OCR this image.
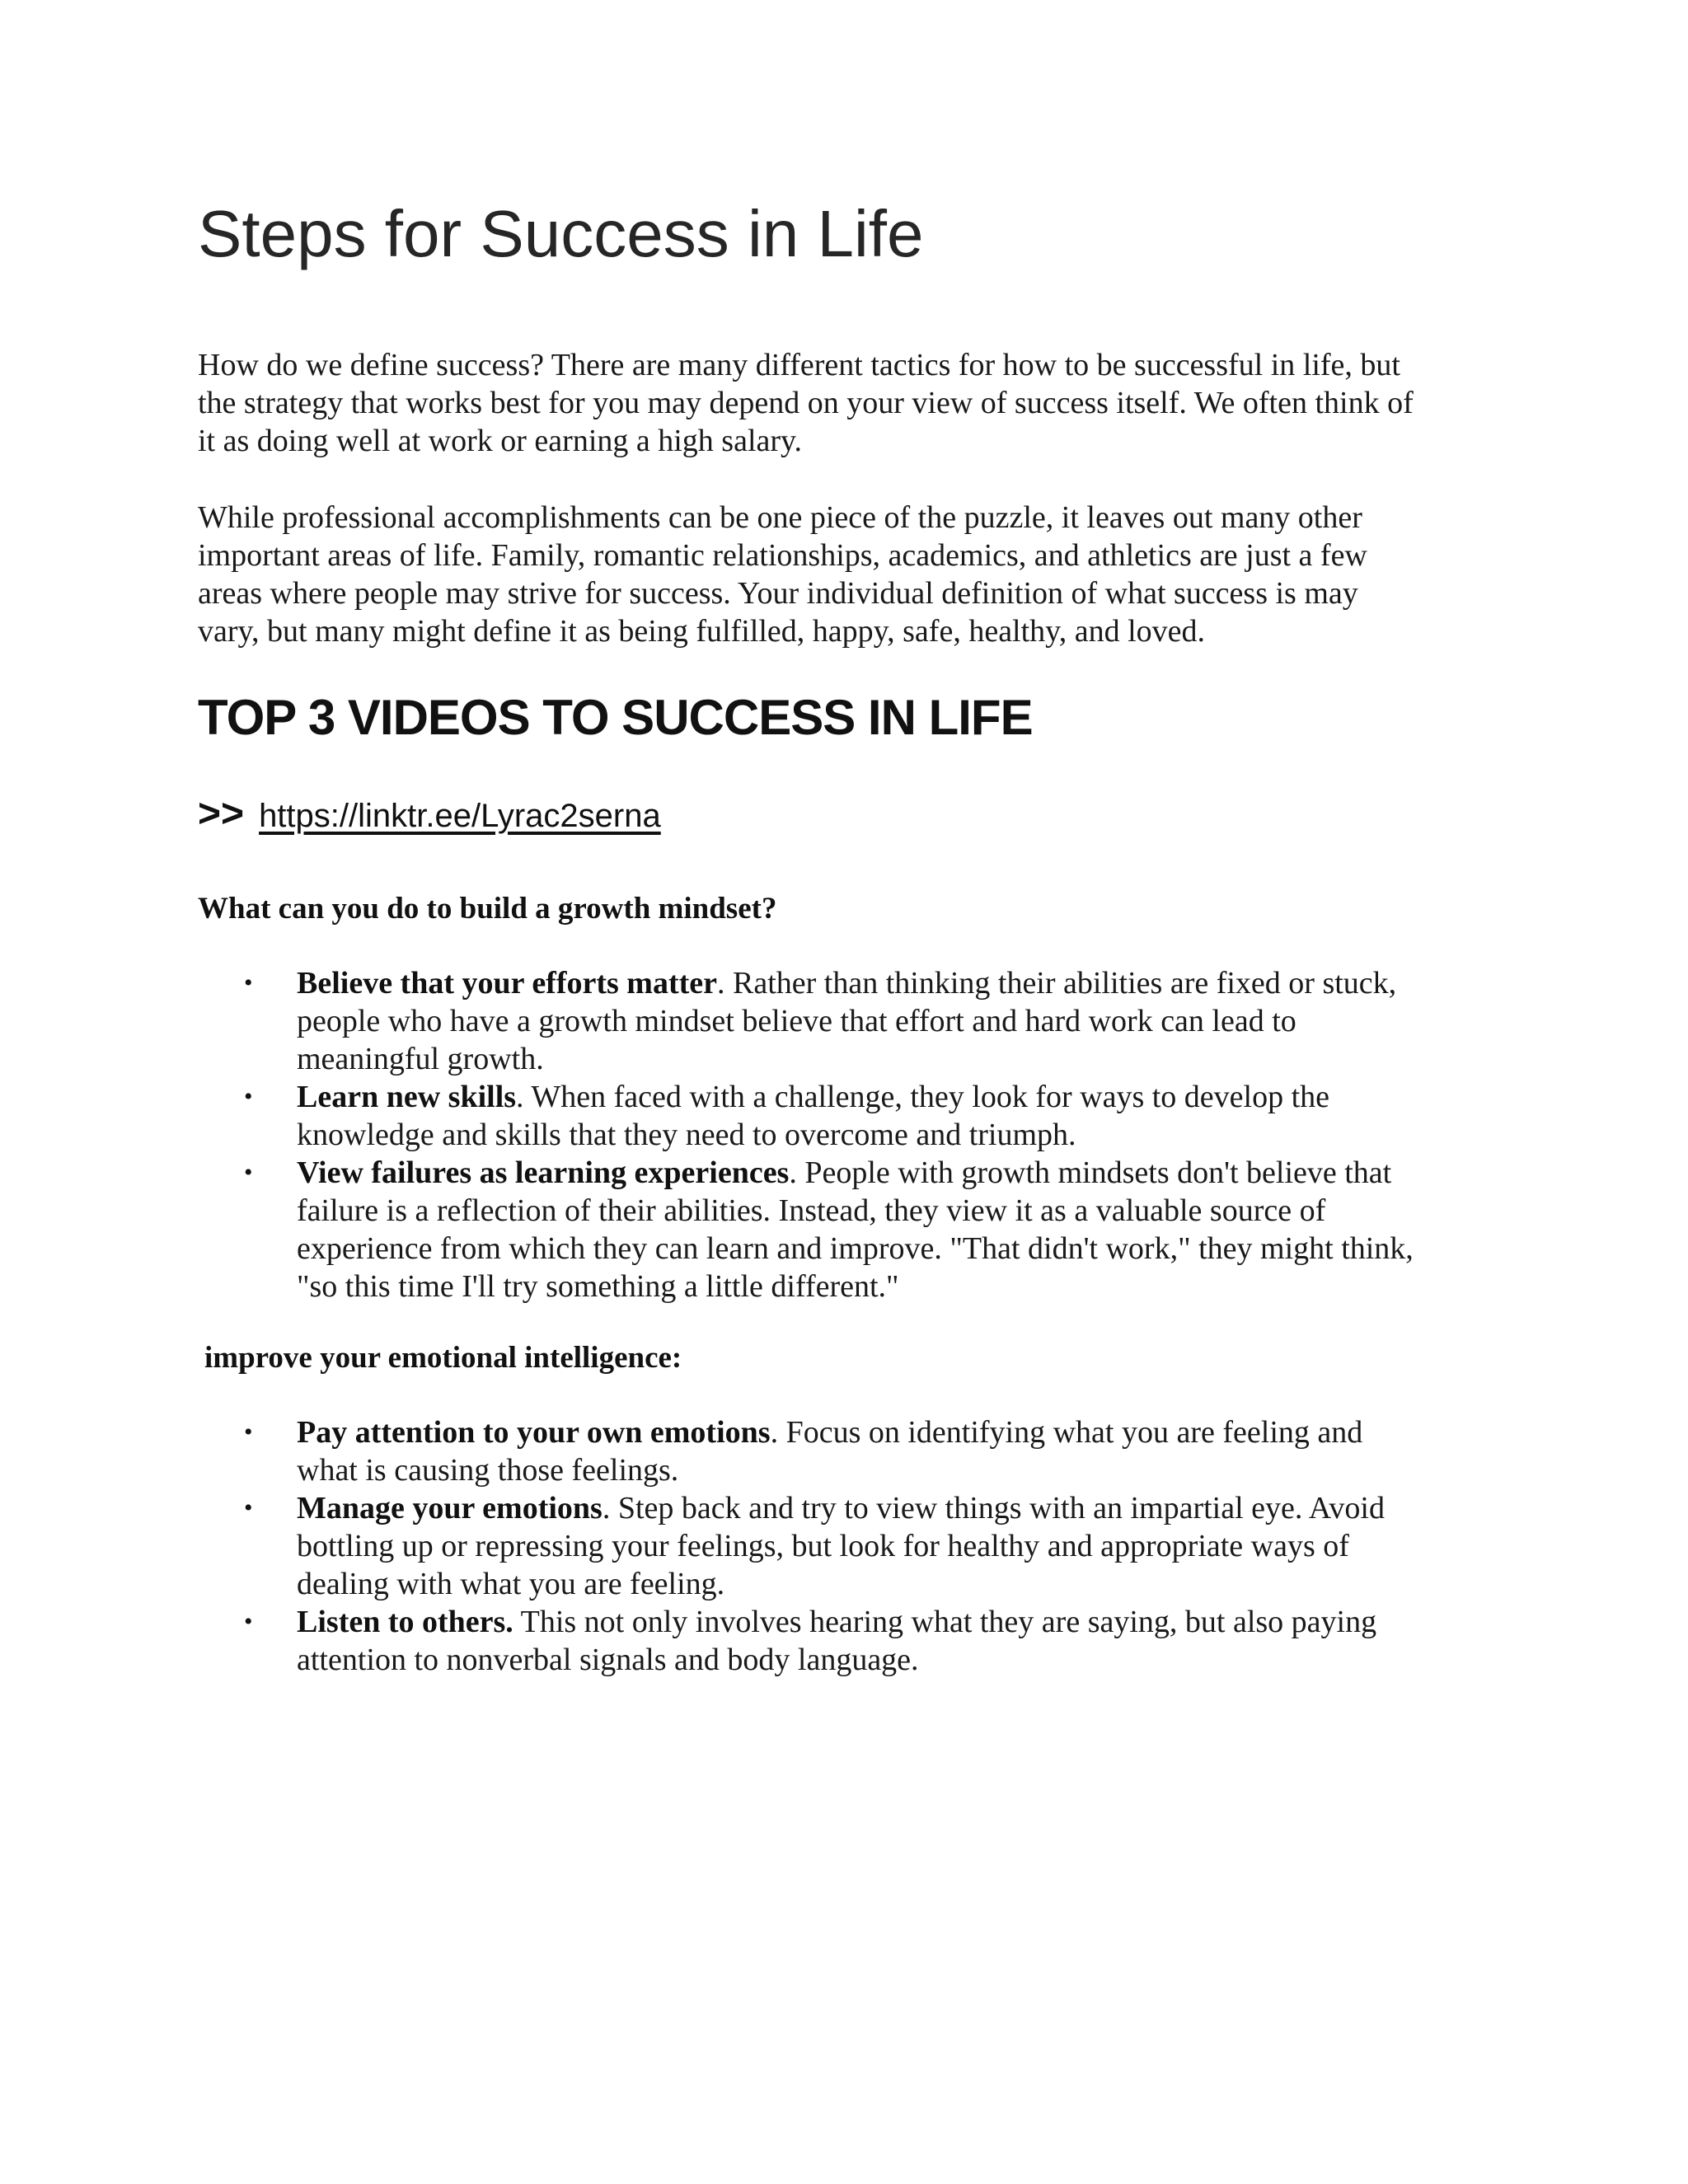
Steps for Success in Life

How do we define success? There are many different tactics for how to be successful in life, but
the strategy that works best for you may depend on your view of success itself. We often think of
it as doing well at work or earning a high salary.

While professional accomplishments can be one piece of the puzzle, it leaves out many other
important areas of life. Family, romantic relationships, academics, and athletics are just a few
areas where people may strive for success. Your individual definition of what success is may
vary, but many might define it as being fulfilled, happy, safe, healthy, and loved.

TOP 3 VIDEOS TO SUCCESS IN LIFE
>> https://linktr.ee/Lyrac2serna

What can you do to build a growth mindset?

• Believe that your efforts matter. Rather than thinking their abilities are fixed or stuck,
people who have a growth mindset believe that effort and hard work can lead to
meaningful growth.
• Learn new skills. When faced with a challenge, they look for ways to develop the
knowledge and skills that they need to overcome and triumph.
• View failures as learning experiences. People with growth mindsets don't believe that
failure is a reflection of their abilities. Instead, they view it as a valuable source of
experience from which they can learn and improve. "That didn't work," they might think,
"so this time I'll try something a little different."

improve your emotional intelligence:

• Pay attention to your own emotions. Focus on identifying what you are feeling and
what is causing those feelings.
• Manage your emotions. Step back and try to view things with an impartial eye. Avoid
bottling up or repressing your feelings, but look for healthy and appropriate ways of
dealing with what you are feeling.
• Listen to others. This not only involves hearing what they are saying, but also paying
attention to nonverbal signals and body language.
